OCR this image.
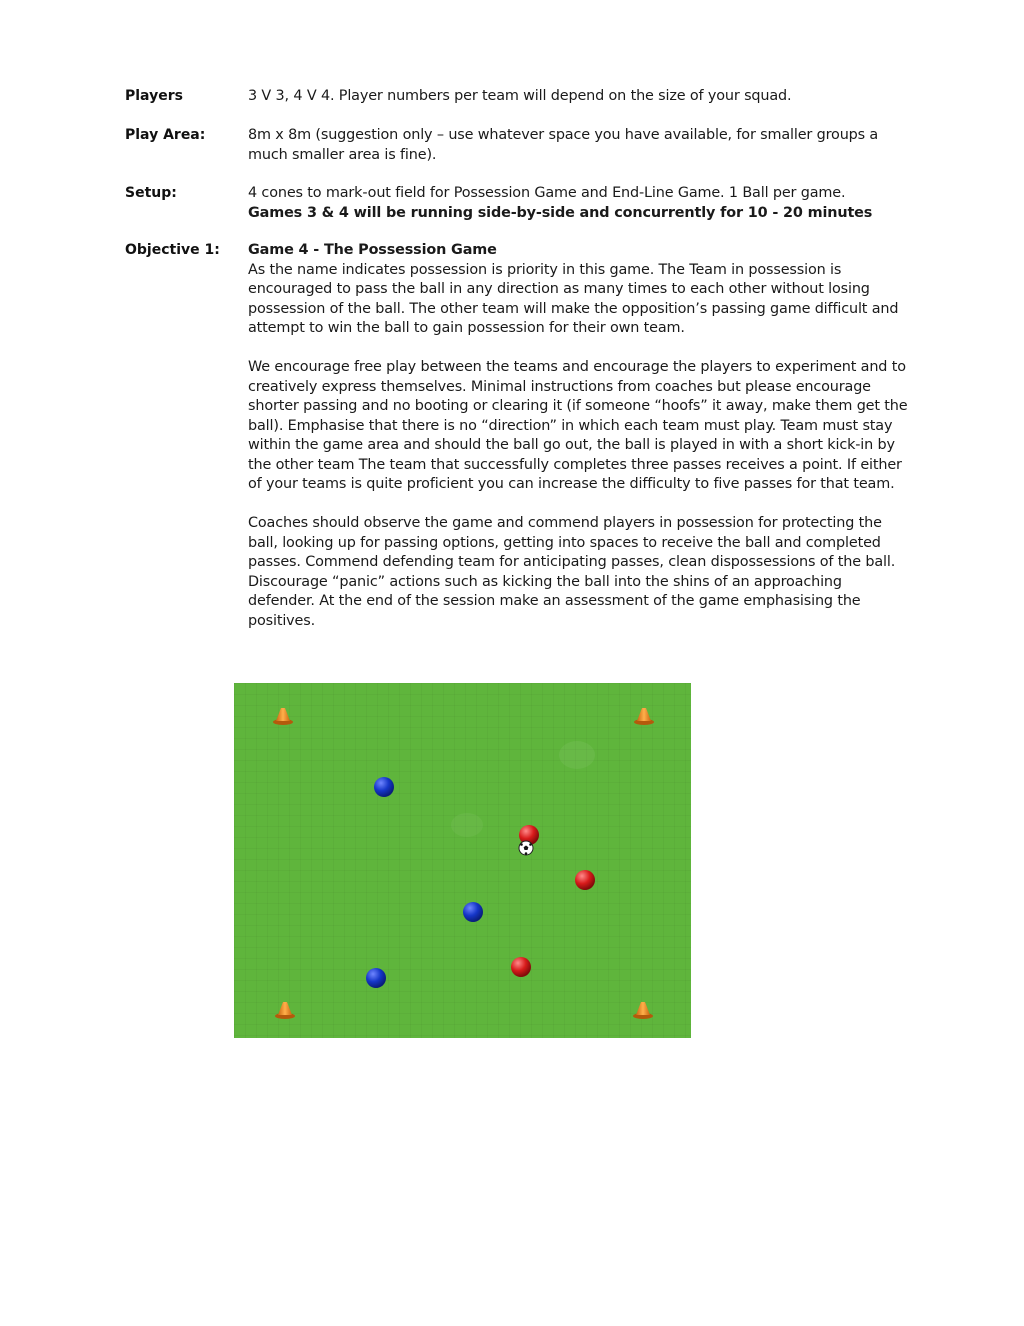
Players	3 V 3, 4 V 4. Player numbers per team will depend on the size of your squad.

Play Area:	8m x 8m (suggestion only – use whatever space you have available, for smaller groups a much smaller area is fine).

Setup:	4 cones to mark-out field for Possession Game and End-Line Game. 1 Ball per game.

Games 3 & 4 will be running side-by-side and concurrently for 10 - 20 minutes

Objective 1:	Game 4 - The Possession Game

As the name indicates possession is priority in this game. The Team in possession is encouraged to pass the ball in any direction as many times to each other without losing possession of the ball. The other team will make the opposition’s passing game difficult and attempt to win the ball to gain possession for their own team.

We encourage free play between the teams and encourage the players to experiment and to creatively express themselves. Minimal instructions from coaches but please encourage shorter passing and no booting or clearing it (if someone “hoofs” it away, make them get the ball). Emphasise that there is no “direction” in which each team must play. Team must stay within the game area and should the ball go out, the ball is played in with a short kick-in by the other team The team that successfully completes three passes receives a point. If either of your teams is quite proficient you can increase the difficulty to five passes for that team.

Coaches should observe the game and commend players in possession for protecting the ball, looking up for passing options, getting into spaces to receive the ball and completed passes. Commend defending team for anticipating passes, clean dispossessions of the ball. Discourage “panic” actions such as kicking the ball into the shins of an approaching defender. At the end of the session make an assessment of the game emphasising the positives.
